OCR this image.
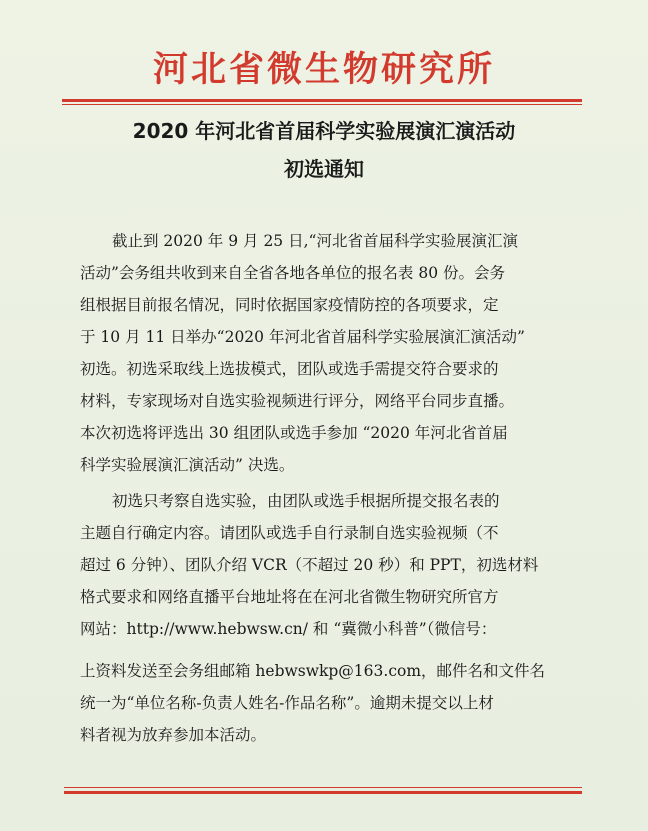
河北省微生物研究所
2020 年河北省首届科学实验展演汇演活动
初选通知
截止到 2020 年 9 月 25 日,“河北省首届科学实验展演汇演
活动”会务组共收到来自全省各地各单位的报名表 80 份。会务
组根据目前报名情况，同时依据国家疫情防控的各项要求，定
于 10 月 11 日举办“2020 年河北省首届科学实验展演汇演活动”
初选。初选采取线上选拔模式，团队或选手需提交符合要求的
材料，专家现场对自选实验视频进行评分，网络平台同步直播。
本次初选将评选出 30 组团队或选手参加 “2020 年河北省首届
科学实验展演汇演活动” 决选。
初选只考察自选实验，由团队或选手根据所提交报名表的
主题自行确定内容。请团队或选手自行录制自选实验视频（不
超过 6 分钟）、团队介绍 VCR（不超过 20 秒）和 PPT，初选材料
格式要求和网络直播平台地址将在在河北省微生物研究所官方
网站：http://www.hebwsw.cn/ 和 “冀微小科普”（微信号：
上资料发送至会务组邮箱 hebwswkp@163.com，邮件名和文件名
统一为“单位名称-负责人姓名-作品名称”。逾期未提交以上材
料者视为放弃参加本活动。
